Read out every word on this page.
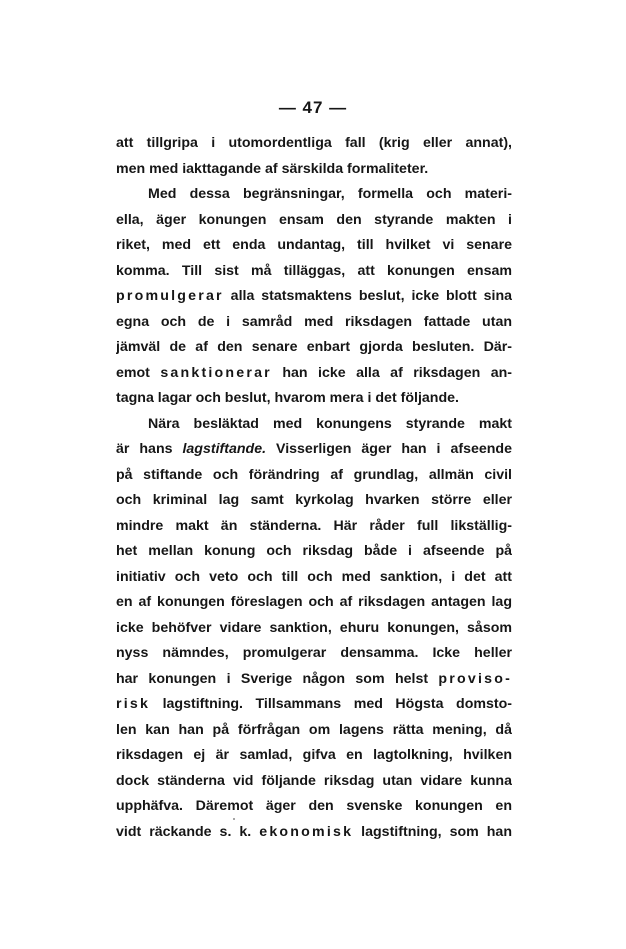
— 47 —
att tillgripa i utomordentliga fall (krig eller annat),
men med iakttagande af särskilda formaliteter.
Med dessa begränsningar, formella och materi-
ella, äger konungen ensam den styrande makten i
riket, med ett enda undantag, till hvilket vi senare
komma. Till sist må tilläggas, att konungen ensam
promulgerar alla statsmaktens beslut, icke blott sina
egna och de i samråd med riksdagen fattade utan
jämväl de af den senare enbart gjorda besluten. Där-
emot sanktionerar han icke alla af riksdagen an-
tagna lagar och beslut, hvarom mera i det följande.
Nära besläktad med konungens styrande makt
är hans lagstiftande. Visserligen äger han i afseende
på stiftande och förändring af grundlag, allmän civil
och kriminal lag samt kyrkolag hvarken större eller
mindre makt än ständerna. Här råder full likställig-
het mellan konung och riksdag både i afseende på
initiativ och veto och till och med sanktion, i det att
en af konungen föreslagen och af riksdagen antagen lag
icke behöfver vidare sanktion, ehuru konungen, såsom
nyss nämndes, promulgerar densamma. Icke heller
har konungen i Sverige någon som helst proviso-
risk lagstiftning. Tillsammans med Högsta domsto-
len kan han på förfrågan om lagens rätta mening, då
riksdagen ej är samlad, gifva en lagtolkning, hvilken
dock ständerna vid följande riksdag utan vidare kunna
upphäfva. Däremot äger den svenske konungen en
vidt räckande s. k. ekonomisk lagstiftning, som han
